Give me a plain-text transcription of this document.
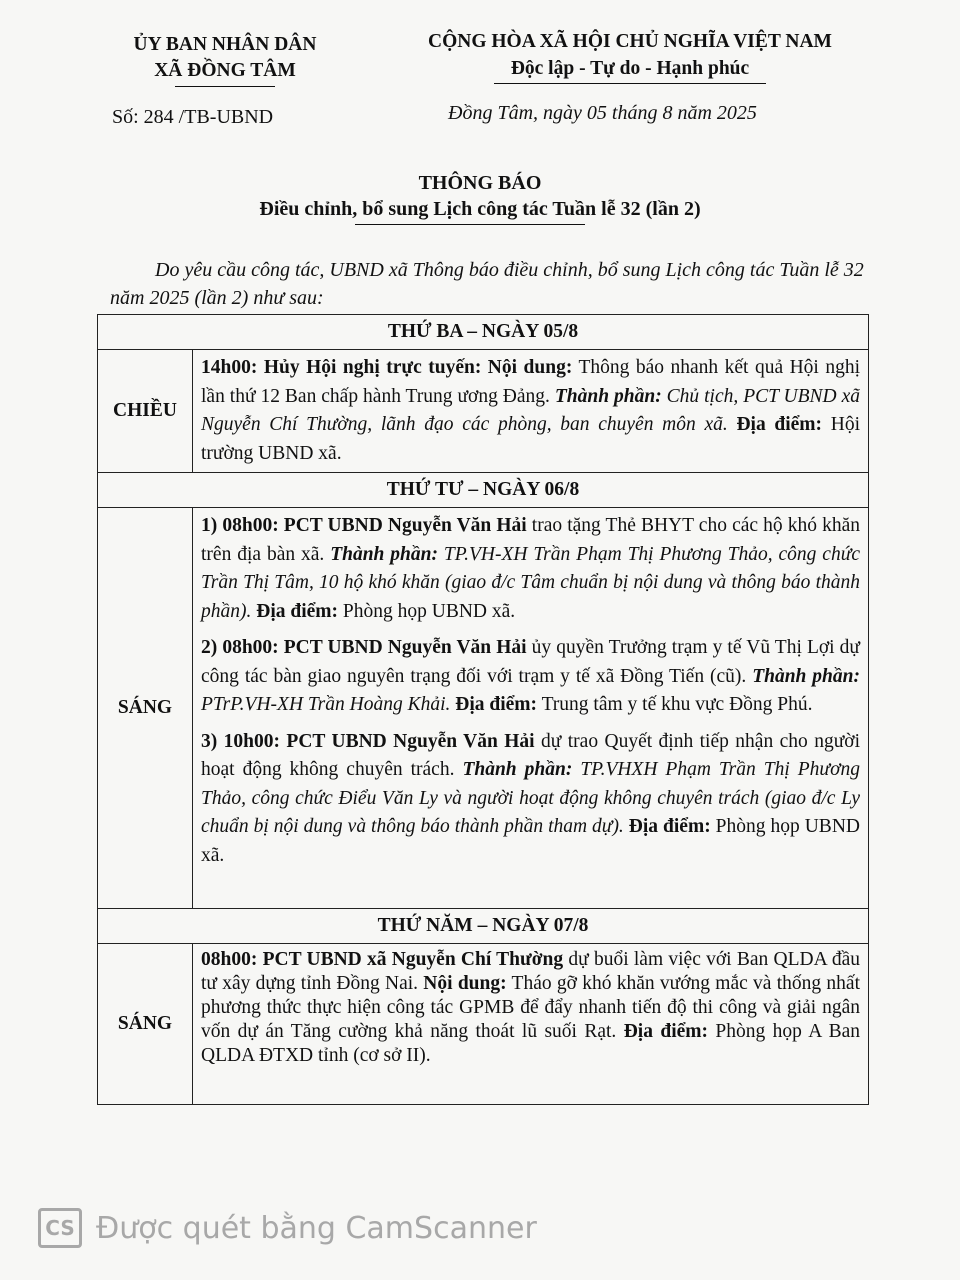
ỦY BAN NHÂN DÂN
XÃ ĐỒNG TÂM
CỘNG HÒA XÃ HỘI CHỦ NGHĨA VIỆT NAM
Độc lập - Tự do - Hạnh phúc
Số: 284 /TB-UBND	Đồng Tâm, ngày 05 tháng 8 năm 2025
THÔNG BÁO
Điều chỉnh, bổ sung Lịch công tác Tuần lễ 32 (lần 2)
Do yêu cầu công tác, UBND xã Thông báo điều chỉnh, bổ sung Lịch công tác Tuần lễ 32 năm 2025 (lần 2) như sau:
THỨ BA – NGÀY 05/8	
CHIỀU	14h00: Hủy Hội nghị trực tuyến: Nội dung: Thông báo nhanh kết quả Hội nghị lần thứ 12 Ban chấp hành Trung ương Đảng. Thành phần: Chủ tịch, PCT UBND xã Nguyễn Chí Thường, lãnh đạo các phòng, ban chuyên môn xã. Địa điểm: Hội trường UBND xã.

THỨ TƯ – NGÀY 06/8	
SÁNG	1) 08h00: PCT UBND Nguyễn Văn Hải trao tặng Thẻ BHYT cho các hộ khó khăn trên địa bàn xã. Thành phần: TP.VH-XH Trần Phạm Thị Phương Thảo, công chức Trần Thị Tâm, 10 hộ khó khăn (giao đ/c Tâm chuẩn bị nội dung và thông báo thành phần). Địa điểm: Phòng họp UBND xã.
2) 08h00: PCT UBND Nguyễn Văn Hải ủy quyền Trưởng trạm y tế Vũ Thị Lợi dự công tác bàn giao nguyên trạng đối với trạm y tế xã Đồng Tiến (cũ). Thành phần: PTrP.VH-XH Trần Hoàng Khải. Địa điểm: Trung tâm y tế khu vực Đồng Phú.
3) 10h00: PCT UBND Nguyễn Văn Hải dự trao Quyết định tiếp nhận cho người hoạt động không chuyên trách. Thành phần: TP.VHXH Phạm Trần Thị Phương Thảo, công chức Điểu Văn Ly và người hoạt động không chuyên trách (giao đ/c Ly chuẩn bị nội dung và thông báo thành phần tham dự). Địa điểm: Phòng họp UBND xã.

THỨ NĂM – NGÀY 07/8	
SÁNG	08h00: PCT UBND xã Nguyễn Chí Thường dự buổi làm việc với Ban QLDA đầu tư xây dựng tỉnh Đồng Nai. Nội dung: Tháo gỡ khó khăn vướng mắc và thống nhất phương thức thực hiện công tác GPMB để đẩy nhanh tiến độ thi công và giải ngân vốn dự án Tăng cường khả năng thoát lũ suối Rạt. Địa điểm: Phòng họp A Ban QLDA ĐTXD tỉnh (cơ sở II).
CS Được quét bằng CamScanner
